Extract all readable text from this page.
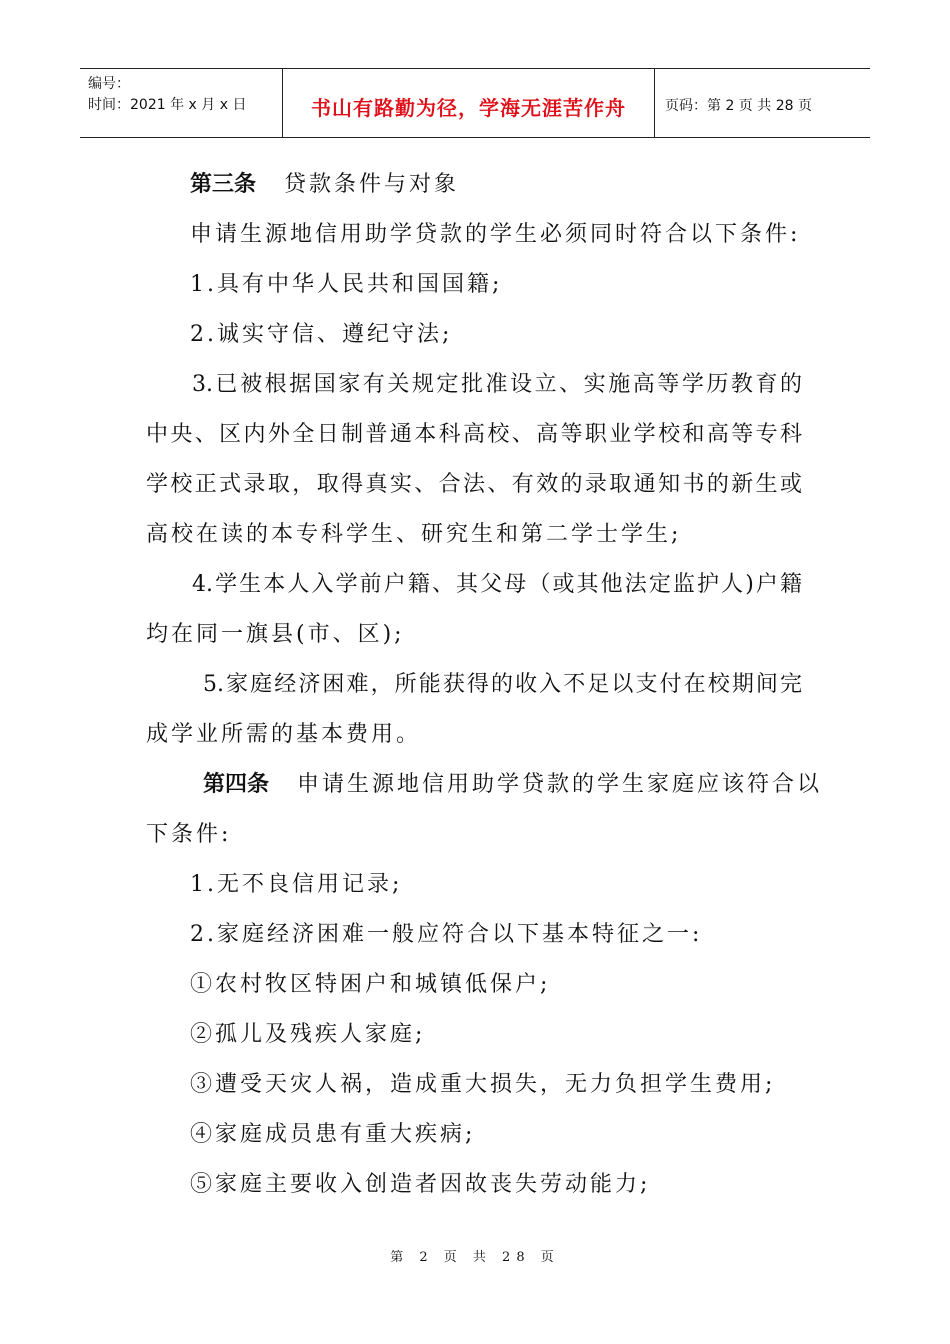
编号：
时间：2021 年 x 月 x 日	书山有路勤为径，学海无涯苦作舟	页码：第 2 页 共 28 页
第三条 贷款条件与对象
申请生源地信用助学贷款的学生必须同时符合以下条件:
1.具有中华人民共和国国籍;
2.诚实守信、遵纪守法;
3.已被根据国家有关规定批准设立、实施高等学历教育的
中央、区内外全日制普通本科高校、高等职业学校和高等专科
学校正式录取，取得真实、合法、有效的录取通知书的新生或
高校在读的本专科学生、研究生和第二学士学生;
4.学生本人入学前户籍、其父母（或其他法定监护人)户籍
均在同一旗县(市、区);
5.家庭经济困难，所能获得的收入不足以支付在校期间完
成学业所需的基本费用。
第四条 申请生源地信用助学贷款的学生家庭应该符合以
下条件:
1.无不良信用记录;
2.家庭经济困难一般应符合以下基本特征之一:
①农村牧区特困户和城镇低保户;
②孤儿及残疾人家庭;
③遭受天灾人祸，造成重大损失，无力负担学生费用;
④家庭成员患有重大疾病;
⑤家庭主要收入创造者因故丧失劳动能力;
第 2 页 共 28 页
